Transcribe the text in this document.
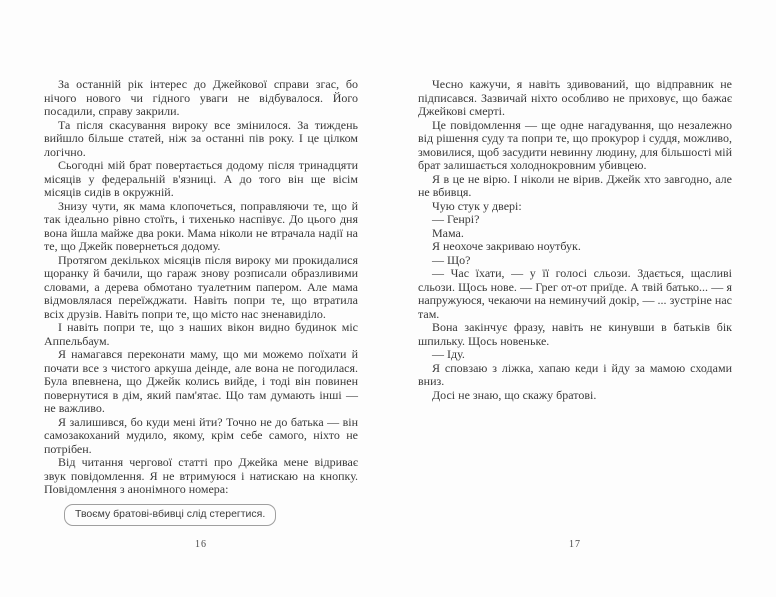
За останній рік інтерес до Джейкової справи згас, бо нічого нового чи гідного уваги не відбувалося. Його посадили, справу закрили.

Та після скасування вироку все змінилося. За тиждень вийшло більше статей, ніж за останні пів року. І це цілком логічно.

Сьогодні мій брат повертається додому після тринадцяти місяців у федеральній в'язниці. А до того він ще вісім місяців сидів в окружній.

Знизу чути, як мама клопочеться, поправляючи те, що й так ідеально рівно стоїть, і тихенько наспівує. До цього дня вона йшла майже два роки. Мама ніколи не втрачала надії на те, що Джейк повернеться додому.

Протягом декількох місяців після вироку ми прокидалися щоранку й бачили, що гараж знову розписали образливими словами, а дерева обмотано туалетним папером. Але мама відмовлялася переїжджати. Навіть попри те, що втратила всіх друзів. Навіть попри те, що місто нас зненавиділо.

І навіть попри те, що з наших вікон видно будинок міс Аппельбаум.

Я намагався переконати маму, що ми можемо поїхати й почати все з чистого аркуша деінде, але вона не погодилася. Була впевнена, що Джейк колись вийде, і тоді він повинен повернутися в дім, який пам'ятає. Що там думають інші — не важливо.

Я залишився, бо куди мені йти? Точно не до батька — він самозакоханий мудило, якому, крім себе самого, ніхто не потрібен.

Від читання чергової статті про Джейка мене відриває звук повідомлення. Я не втримуюся і натискаю на кнопку. Повідомлення з анонімного номера:

Твоєму братові-вбивці слід стерегтися.

Чесно кажучи, я навіть здивований, що відправник не підписався. Зазвичай ніхто особливо не приховує, що бажає Джейкові смерті.

Це повідомлення — ще одне нагадування, що незалежно від рішення суду та попри те, що прокурор і суддя, можливо, змовилися, щоб засудити невинну людину, для більшості мій брат залишається холоднокровним убивцею.

Я в це не вірю. І ніколи не вірив. Джейк хто завгодно, але не вбивця.

Чую стук у двері:

— Генрі?

Мама.

Я неохоче закриваю ноутбук.

— Що?

— Час їхати, — у її голосі сльози. Здається, щасливі сльози. Щось нове. — Грег от-от приїде. А твій батько... — я напружуюся, чекаючи на неминучий докір, — ... зустріне нас там.

Вона закінчує фразу, навіть не кинувши в батьків бік шпильку. Щось новеньке.

— Іду.

Я сповзаю з ліжка, хапаю кеди і йду за мамою сходами вниз.

Досі не знаю, що скажу братові.

16	17
